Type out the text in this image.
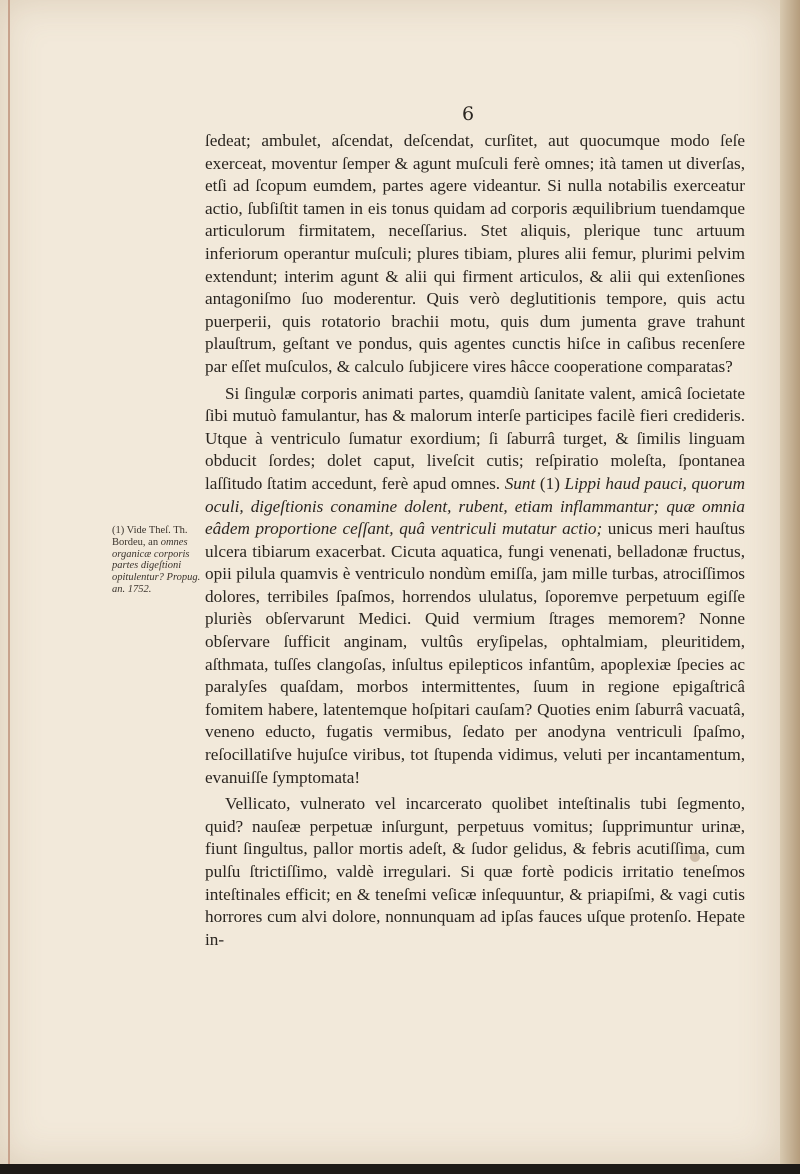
6

ſedeat; ambulet, aſcendat, deſcendat, curſitet, aut quocumque modo ſeſe exerceat, moventur ſemper & agunt muſculi ferè omnes; ità tamen ut diverſas, etſi ad ſcopum eumdem, partes agere videantur. Si nulla notabilis exerceatur actio, ſubſiſtit tamen in eis tonus quidam ad corporis æquilibrium tuendamque articulorum firmitatem, neceſſarius. Stet aliquis, plerique tunc artuum inferiorum operantur muſculi; plures tibiam, plures alii femur, plurimi pelvim extendunt; interim agunt & alii qui firment articulos, & alii qui extenſiones antagoniſmo ſuo moderentur. Quis verò deglutitionis tempore, quis actu puerperii, quis rotatorio brachii motu, quis dum jumenta grave trahunt plauſtrum, geſtant ve pondus, quis agentes cunctis hiſce in caſibus recenſere par eſſet muſculos, & calculo ſubjicere vires hâcce cooperatione comparatas?

Si ſingulæ corporis animati partes, quamdiù ſanitate valent, amicâ ſocietate ſibi mutuò famulantur, has & malorum interſe participes facilè fieri credideris. Utque à ventriculo ſumatur exordium; ſi ſaburrâ turget, & ſimilis linguam obducit ſordes; dolet caput, liveſcit cutis; reſpiratio moleſta, ſpontanea laſſitudo ſtatim accedunt, ferè apud omnes. Sunt (1) Lippi haud pauci, quorum oculi, digeſtionis conamine dolent, rubent, etiam inflammantur; quæ omnia eâdem proportione ceſſant, quâ ventriculi mutatur actio; unicus meri hauſtus ulcera tibiarum exacerbat. Cicuta aquatica, fungi venenati, belladonæ fructus, opii pilula quamvis è ventriculo nondùm emiſſa, jam mille turbas, atrociſſimos dolores, terribiles ſpaſmos, horrendos ululatus, ſoporemve perpetuum egiſſe pluriès obſervarunt Medici. Quid vermium ſtrages memorem? Nonne obſervare ſufficit anginam, vultûs eryſipelas, ophtalmiam, pleuritidem, aſthmata, tuſſes clangoſas, inſultus epilepticos infantûm, apoplexiæ ſpecies ac paralyſes quaſdam, morbos intermittentes, ſuum in regione epigaſtricâ fomitem habere, latentemque hoſpitari cauſam? Quoties enim ſaburrâ vacuatâ, veneno educto, fugatis vermibus, ſedato per anodyna ventriculi ſpaſmo, reſocillatiſve hujuſce viribus, tot ſtupenda vidimus, veluti per incantamentum, evanuiſſe ſymptomata!

Vellicato, vulnerato vel incarcerato quolibet inteſtinalis tubi ſegmento, quid? nauſeæ perpetuæ inſurgunt, perpetuus vomitus; ſupprimuntur urinæ, fiunt ſingultus, pallor mortis adeſt, & ſudor gelidus, & febris acutiſſima, cum pulſu ſtrictiſſimo, valdè irregulari. Si quæ fortè podicis irritatio teneſmos inteſtinales efficit; en & teneſmi veſicæ inſequuntur, & priapiſmi, & vagi cutis horrores cum alvi dolore, nonnunquam ad ipſas fauces uſque protenſo. Hepate in-

(1) Vide Theſ. Th. Bordeu, an omnes organicæ corporis partes digeſtioni opitulentur? Propug. an. 1752.
